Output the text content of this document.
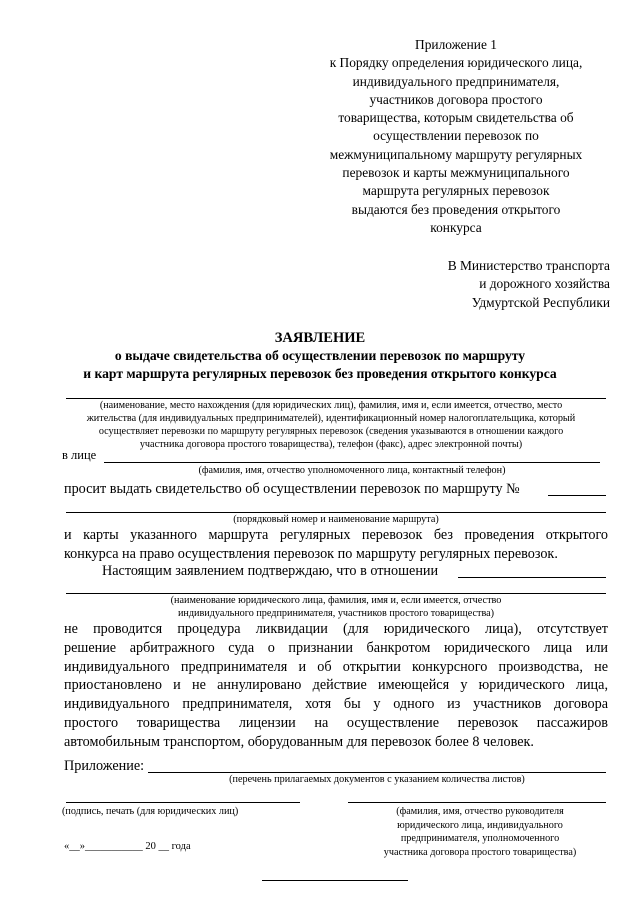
Приложение 1
к Порядку определения юридического лица,
индивидуального предпринимателя,
участников договора простого
товарищества, которым свидетельства об
осуществлении перевозок по
межмуниципальному маршруту регулярных
перевозок и карты межмуниципального
маршрута регулярных перевозок
выдаются без проведения открытого
конкурса
В Министерство транспорта
и дорожного хозяйства
Удмуртской Республики
ЗАЯВЛЕНИЕ
о выдаче свидетельства об осуществлении перевозок по маршруту
и карт маршрута регулярных перевозок без проведения открытого конкурса
(наименование, место нахождения (для юридических лиц), фамилия, имя и, если имеется, отчество, место
жительства (для индивидуальных предпринимателей), идентификационный номер налогоплательщика, который
осуществляет перевозки по маршруту регулярных перевозок (сведения указываются в отношении каждого
участника договора простого товарищества), телефон (факс), адрес электронной почты)
в лице
(фамилия, имя, отчество уполномоченного лица, контактный телефон)
просит выдать свидетельство об осуществлении перевозок по маршруту №
(порядковый номер и наименование маршрута)
и карты указанного маршрута регулярных перевозок без проведения открытого
конкурса на право осуществления перевозок по маршруту регулярных перевозок.
Настоящим заявлением подтверждаю, что в отношении
(наименование юридического лица, фамилия, имя и, если имеется, отчество
индивидуального предпринимателя, участников простого товарищества)
не проводится процедура ликвидации (для юридического лица), отсутствует
решение арбитражного суда о признании банкротом юридического лица или
индивидуального предпринимателя и об открытии конкурсного производства, не
приостановлено и не аннулировано действие имеющейся у юридического лица,
индивидуального предпринимателя, хотя бы у одного из участников договора
простого товарищества лицензии на осуществление перевозок пассажиров
автомобильным транспортом, оборудованным для перевозок более 8 человек.
Приложение:
(перечень прилагаемых документов с указанием количества листов)
(подпись, печать (для юридических лиц)	(фамилия, имя, отчество руководителя
юридического лица, индивидуального
предпринимателя, уполномоченного
участника договора простого товарищества)
«__»___________ 20 __ года
